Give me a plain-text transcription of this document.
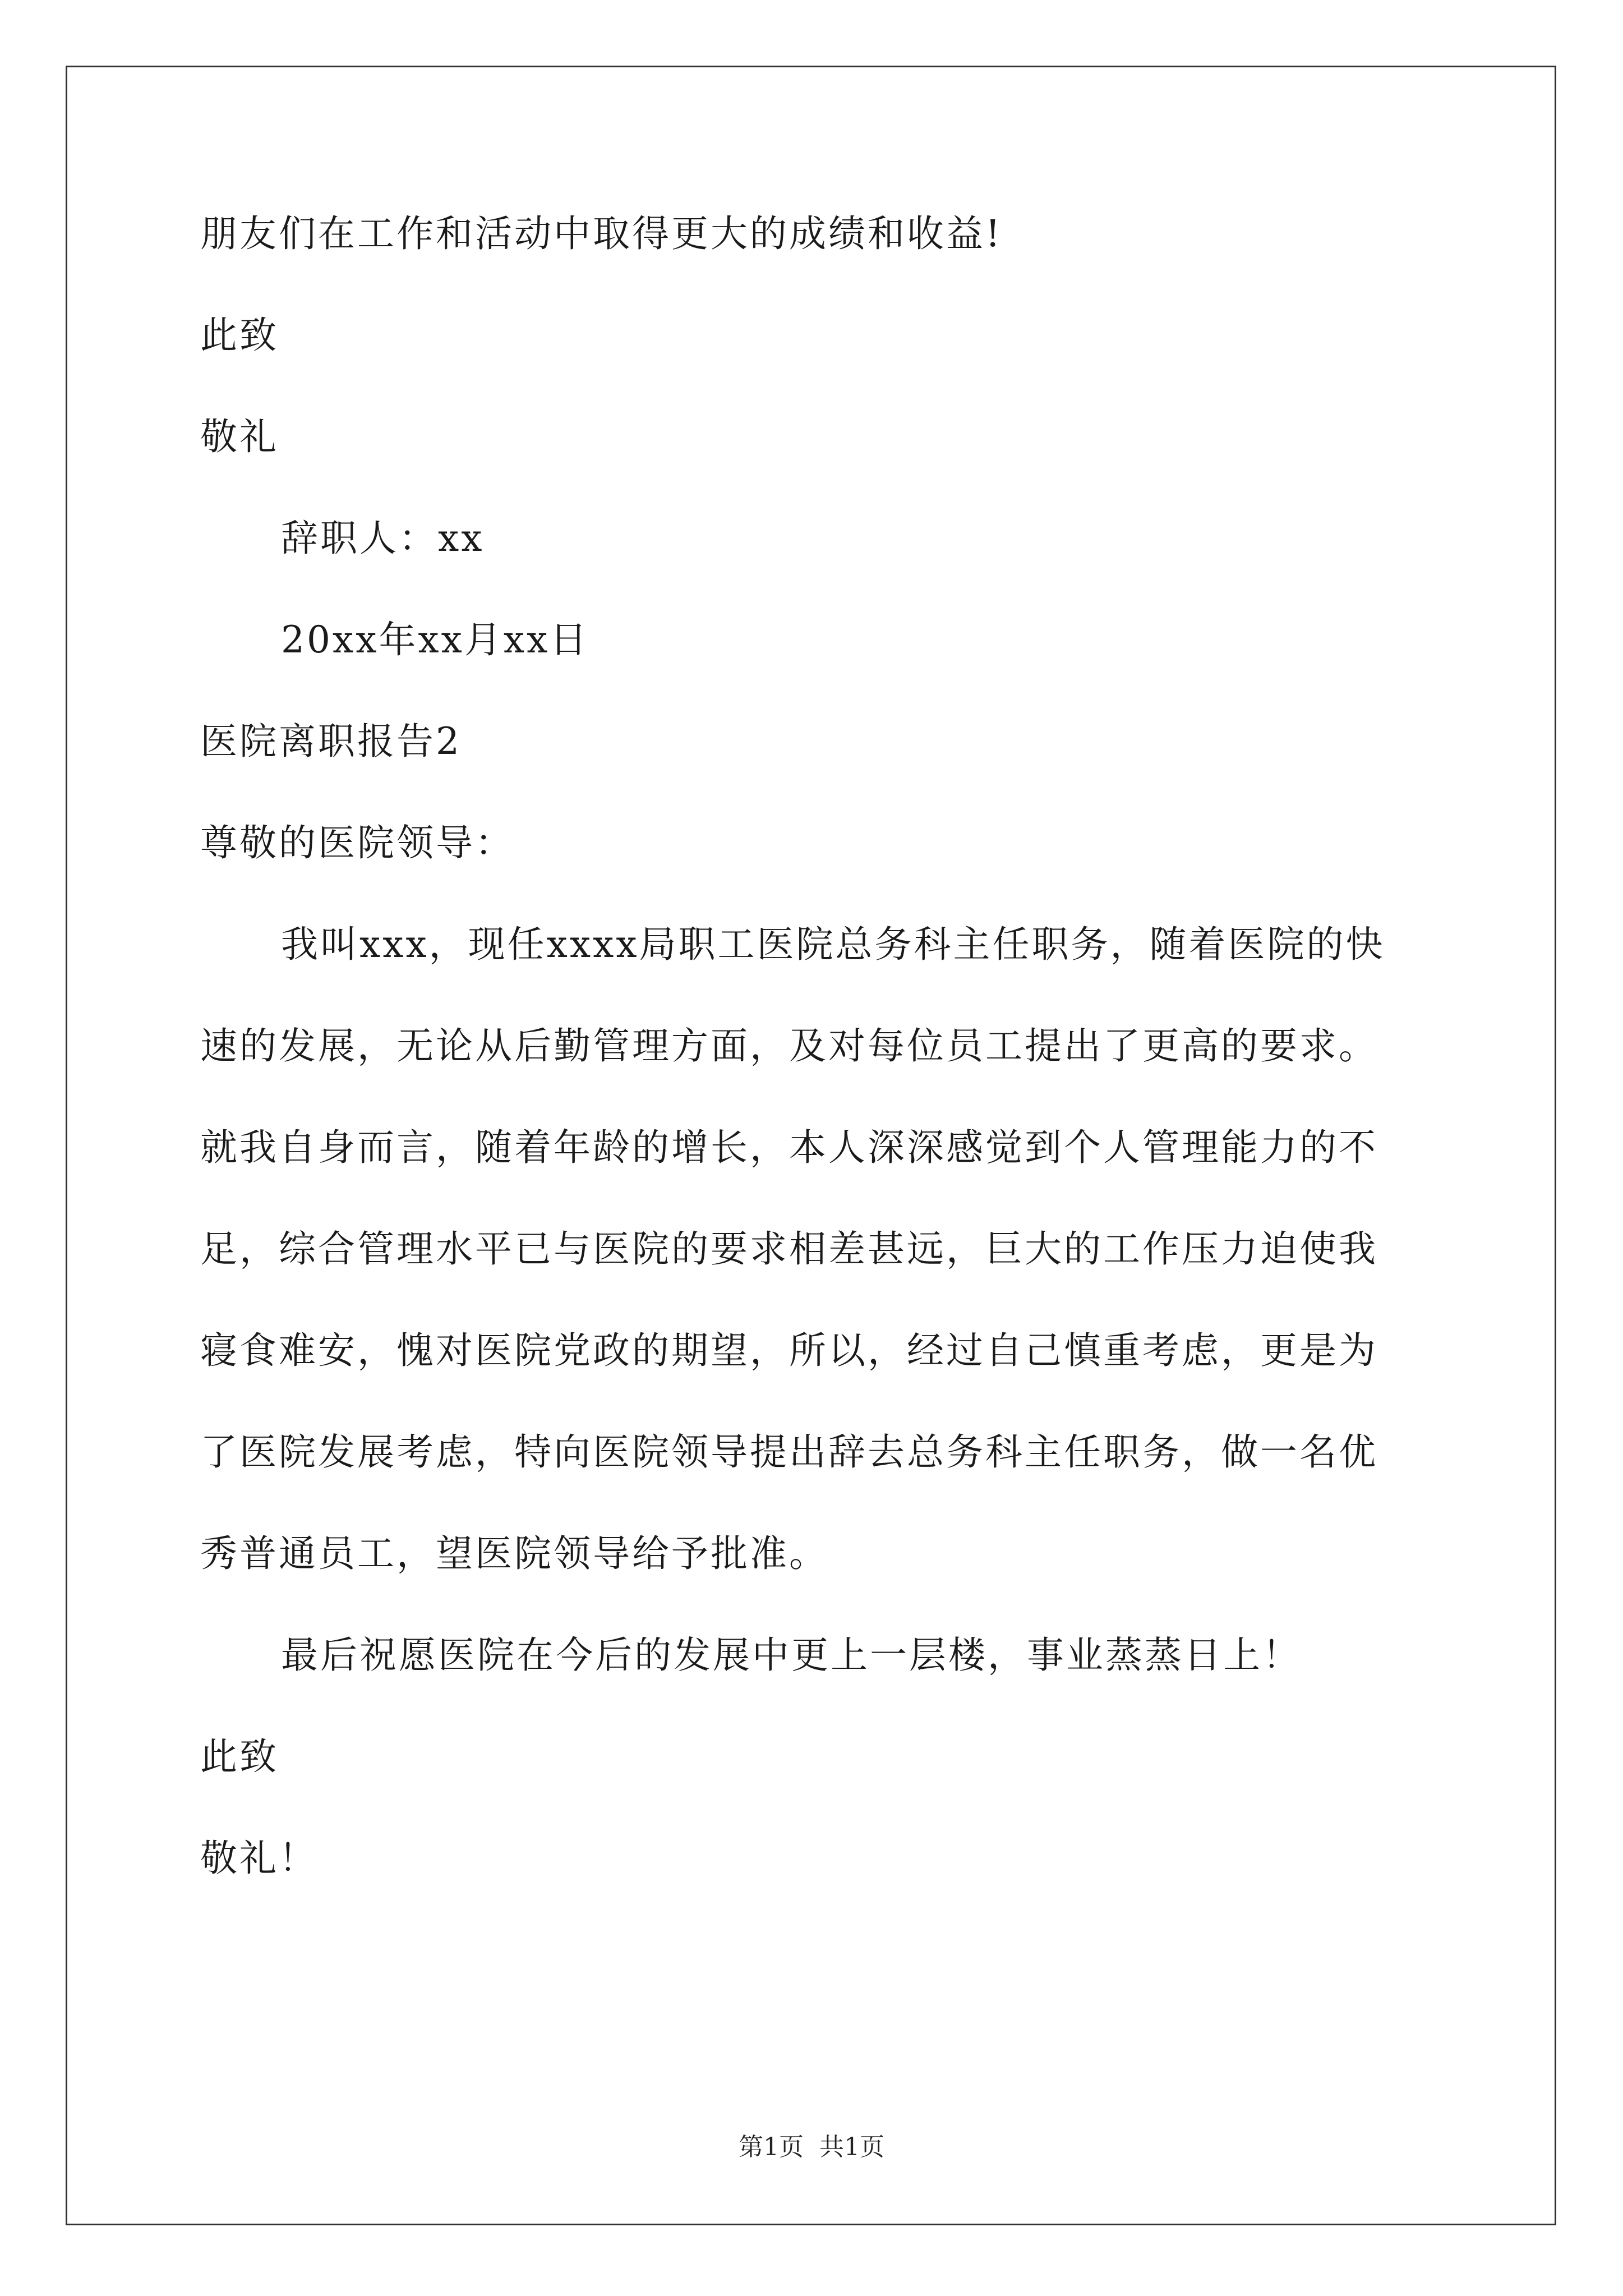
朋友们在工作和活动中取得更大的成绩和收益!
此致
敬礼
辞职人：xx
20xx年xx月xx日
医院离职报告2
尊敬的医院领导：
我叫xxx，现任xxxx局职工医院总务科主任职务，随着医院的快
速的发展，无论从后勤管理方面，及对每位员工提出了更高的要求。
就我自身而言，随着年龄的增长，本人深深感觉到个人管理能力的不
足，综合管理水平已与医院的要求相差甚远，巨大的工作压力迫使我
寝食难安，愧对医院党政的期望，所以，经过自己慎重考虑，更是为
了医院发展考虑，特向医院领导提出辞去总务科主任职务，做一名优
秀普通员工，望医院领导给予批准。
最后祝愿医院在今后的发展中更上一层楼，事业蒸蒸日上！
此致
敬礼！
第1页 共1页
